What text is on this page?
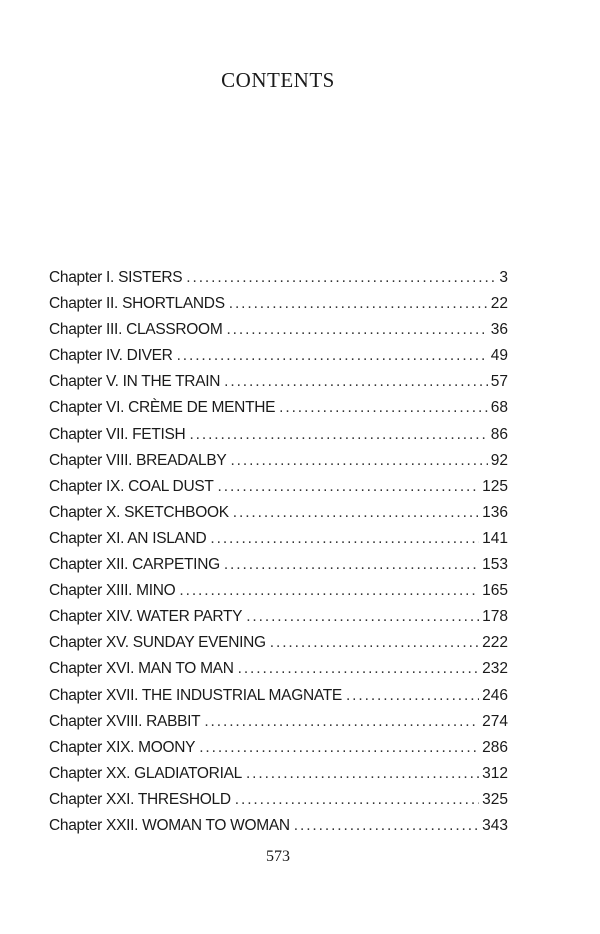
CONTENTS
Chapter I. SISTERS . . .	3
Chapter II. SHORTLANDS . . .	22
Chapter III. CLASSROOM . . .	36
Chapter IV. DIVER . . .	49
Chapter V. IN THE TRAIN . . .	57
Chapter VI. CRÈME DE MENTHE . . .	68
Chapter VII. FETISH . . .	86
Chapter VIII. BREADALBY . . .	92
Chapter IX. COAL DUST . . .	125
Chapter X. SKETCHBOOK . . .	136
Chapter XI. AN ISLAND . . .	141
Chapter XII. CARPETING . . .	153
Chapter XIII. MINO . . .	165
Chapter XIV. WATER PARTY . . .	178
Chapter XV. SUNDAY EVENING . . .	222
Chapter XVI. MAN TO MAN . . .	232
Chapter XVII. THE INDUSTRIAL MAGNATE . . .	246
Chapter XVIII. RABBIT . . .	274
Chapter XIX. MOONY . . .	286
Chapter XX. GLADIATORIAL . . .	312
Chapter XXI. THRESHOLD . . .	325
Chapter XXII. WOMAN TO WOMAN . . .	343
573
